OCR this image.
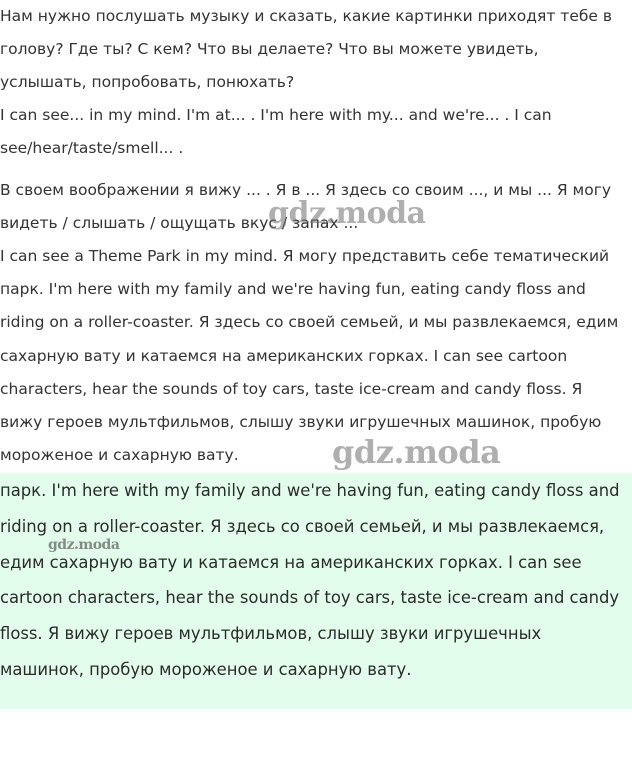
Нам нужно послушать музыку и сказать, какие картинки приходят тебе в голову? Где ты? С кем? Что вы делаете? Что вы можете увидеть, услышать, попробовать, понюхать?

I can see... in my mind. I'm at... . I'm here with my... and we're... . I can see/hear/taste/smell... .

В своем воображении я вижу ... . Я в ... Я здесь со своим ..., и мы ... Я могу видеть / слышать / ощущать вкус / запах ...

I can see a Theme Park in my mind. Я могу представить себе тематический парк. I'm here with my family and we're having fun, eating candy floss and riding on a roller-coaster. Я здесь со своей семьей, и мы развлекаемся, едим сахарную вату и катаемся на американских горках. I can see cartoon characters, hear the sounds of toy cars, taste ice-cream and candy floss. Я вижу героев мультфильмов, слышу звуки игрушечных машинок, пробую мороженое и сахарную вату.

парк. I'm here with my family and we're having fun, eating candy floss and riding on a roller-coaster. Я здесь со своей семьей, и мы развлекаемся, едим сахарную вату и катаемся на американских горках. I can see cartoon characters, hear the sounds of toy cars, taste ice-cream and candy floss. Я вижу героев мультфильмов, слышу звуки игрушечных машинок, пробую мороженое и сахарную вату.

gdz.moda
gdz.moda
gdz.moda
